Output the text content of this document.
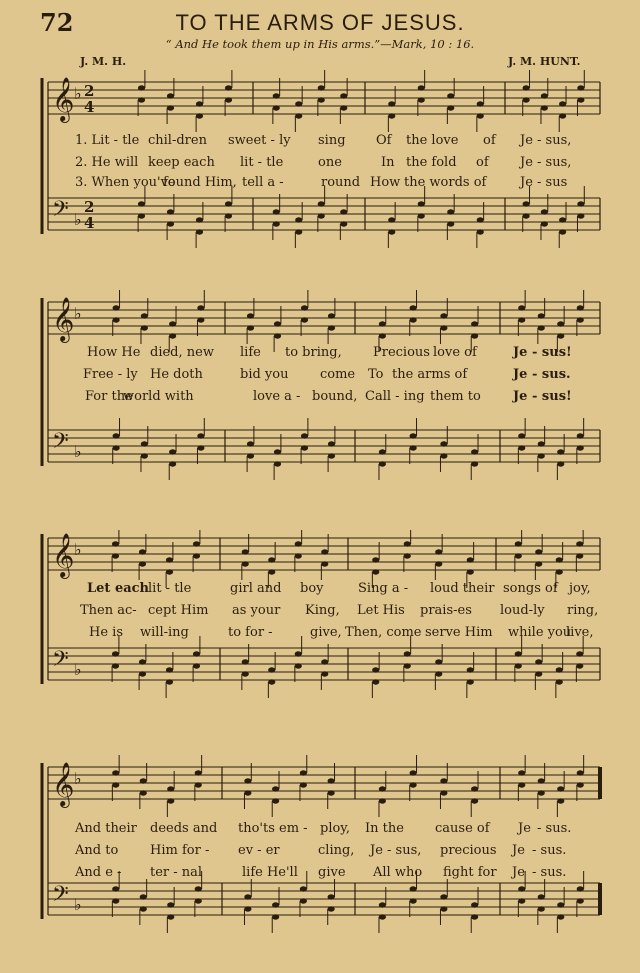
72	TO THE ARMS OF JESUS.
“ And He took them up in His arms.”—Mark, 10 : 16.
J. M. H.	J. M. HUNT.
𝄞 ♭ 2
4
𝄢 ♭
2
4
1. Lit - tle chil-dren sweet - ly sing Of the love of Je - sus,
2. He will keep each lit - tle	one	In the fold of Je - sus,
3. When you've
found Him, tell a -	round How the words of	Je - sus
𝄞 ♭
𝄢 ♭
How He died, new life to bring, Precious love of	Je - sus!
Free - ly He doth	bid you come To the arms of	Je - sus.
For the
world with	love a - bound, Call - ing them to Je - sus!
𝄞 ♭
𝄢 ♭
Let each
lit - tle	girl and boy	Sing a - loud their songs of joy,
Then ac- cept Him as your King, Let His prais-es loud-ly ring,
He is will-ing	to for -	give, Then, come serve Him while you
live,
𝄞 ♭
𝄢 ♭
And their deeds and tho'ts em - ploy, In the cause of Je - sus.
And to Him for - ev - er	cling, Je - sus, precious Je - sus.
And e - ter - nal	life He'll give All who fight for Je - sus.
